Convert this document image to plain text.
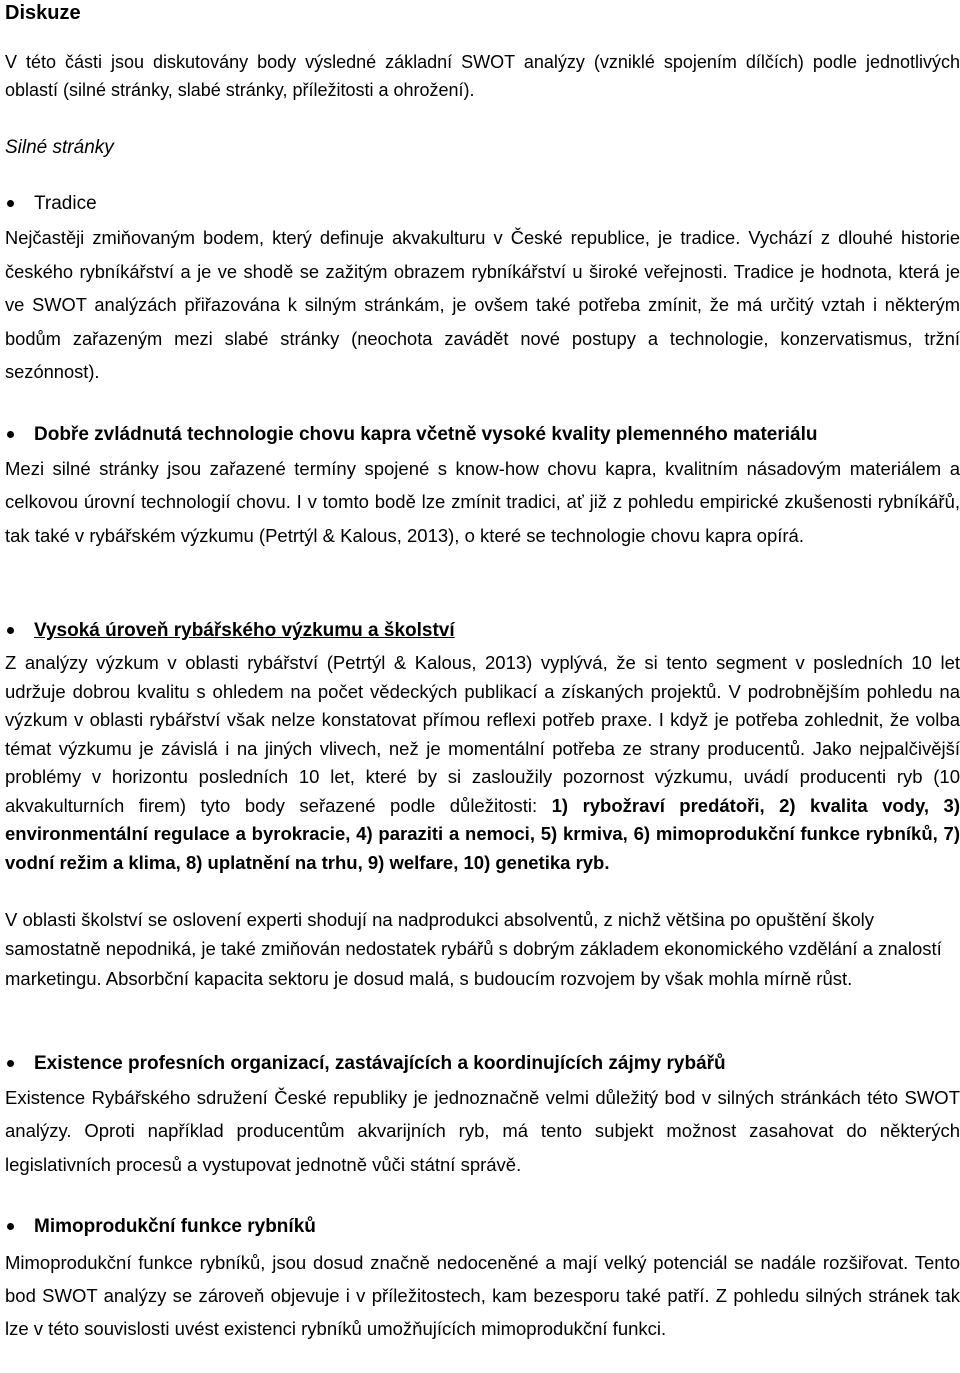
Diskuze
V této části jsou diskutovány body výsledné základní SWOT analýzy (vzniklé spojením dílčích) podle jednotlivých oblastí (silné stránky, slabé stránky, příležitosti a ohrožení).
Silné stránky
Tradice
Nejčastěji zmiňovaným bodem, který definuje akvakulturu v České republice, je tradice. Vychází z dlouhé historie českého rybníkářství a je ve shodě se zažitým obrazem rybníkářství u široké veřejnosti. Tradice je hodnota, která je ve SWOT analýzách přiřazována k silným stránkám, je ovšem také potřeba zmínit, že má určitý vztah i některým bodům zařazeným mezi slabé stránky (neochota zavádět nové postupy a technologie, konzervatismus, tržní sezónnost).
Dobře zvládnutá technologie chovu kapra včetně vysoké kvality plemenného materiálu
Mezi silné stránky jsou zařazené termíny spojené s know-how chovu kapra, kvalitním násadovým materiálem a celkovou úrovní technologií chovu. I v tomto bodě lze zmínit tradici, ať již z pohledu empirické zkušenosti rybníkářů, tak také v rybářském výzkumu (Petrtýl & Kalous, 2013), o které se technologie chovu kapra opírá.
Vysoká úroveň rybářského výzkumu a školství
Z analýzy výzkum v oblasti rybářství (Petrtýl & Kalous, 2013) vyplývá, že si tento segment v posledních 10 let udržuje dobrou kvalitu s ohledem na počet vědeckých publikací a získaných projektů. V podrobnějším pohledu na výzkum v oblasti rybářství však nelze konstatovat přímou reflexi potřeb praxe. I když je potřeba zohlednit, že volba témat výzkumu je závislá i na jiných vlivech, než je momentální potřeba ze strany producentů. Jako nejpalčivější problémy v horizontu posledních 10 let, které by si zasloužily pozornost výzkumu, uvádí producenti ryb (10 akvakulturních firem) tyto body seřazené podle důležitosti: 1) rybožraví predátoři, 2) kvalita vody, 3) environmentální regulace a byrokracie, 4) paraziti a nemoci, 5) krmiva, 6) mimoprodukční funkce rybníků, 7) vodní režim a klima, 8) uplatnění na trhu, 9) welfare, 10) genetika ryb.
V oblasti školství se oslovení experti shodují na nadprodukci absolventů, z nichž většina po opuštění školy samostatně nepodniká, je také zmiňován nedostatek rybářů s dobrým základem ekonomického vzdělání a znalostí marketingu. Absorbční kapacita sektoru je dosud malá, s budoucím rozvojem by však mohla mírně růst.
Existence profesních organizací, zastávajících a koordinujících zájmy rybářů
Existence Rybářského sdružení České republiky je jednoznačně velmi důležitý bod v silných stránkách této SWOT analýzy. Oproti například producentům akvarijních ryb, má tento subjekt možnost zasahovat do některých legislativních procesů a vystupovat jednotně vůči státní správě.
Mimoprodukční funkce rybníků
Mimoprodukční funkce rybníků, jsou dosud značně nedoceněné a mají velký potenciál se nadále rozšiřovat. Tento bod SWOT analýzy se zároveň objevuje i v příležitostech, kam bezesporu také patří. Z pohledu silných stránek tak lze v této souvislosti uvést existenci rybníků umožňujících mimoprodukční funkci.
